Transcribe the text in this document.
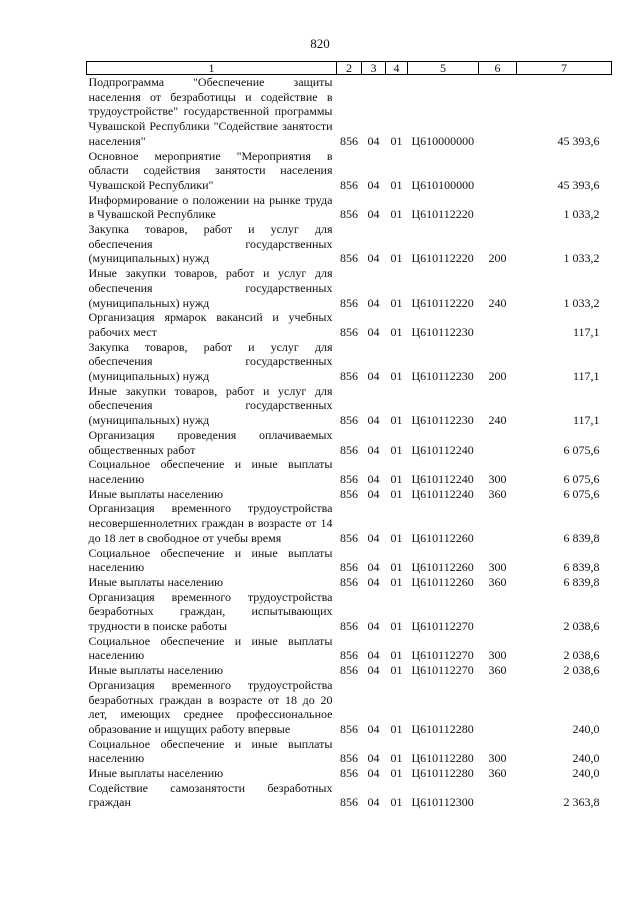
820
1	2	3	4	5	6	7
Подпрограмма "Обеспечение защиты населения от безработицы и содействие в трудоустройстве" государственной программы Чувашской Республики "Содействие занятости населения"	856	04	01	Ц610000000		45 393,6
Основное мероприятие "Мероприятия в области содействия занятости населения Чувашской Республики"	856	04	01	Ц610100000		45 393,6
Информирование о положении на рынке труда в Чувашской Республике	856	04	01	Ц610112220		1 033,2
Закупка товаров, работ и услуг для обеспечения государственных (муниципальных) нужд	856	04	01	Ц610112220	200	1 033,2
Иные закупки товаров, работ и услуг для обеспечения государственных (муниципальных) нужд	856	04	01	Ц610112220	240	1 033,2
Организация ярмарок вакансий и учебных рабочих мест	856	04	01	Ц610112230		117,1
Закупка товаров, работ и услуг для обеспечения государственных (муниципальных) нужд	856	04	01	Ц610112230	200	117,1
Иные закупки товаров, работ и услуг для обеспечения государственных (муниципальных) нужд	856	04	01	Ц610112230	240	117,1
Организация проведения оплачиваемых общественных работ	856	04	01	Ц610112240		6 075,6
Социальное обеспечение и иные выплаты населению	856	04	01	Ц610112240	300	6 075,6
Иные выплаты населению	856	04	01	Ц610112240	360	6 075,6
Организация временного трудоустройства несовершеннолетних граждан в возрасте от 14 до 18 лет в свободное от учебы время	856	04	01	Ц610112260		6 839,8
Социальное обеспечение и иные выплаты населению	856	04	01	Ц610112260	300	6 839,8
Иные выплаты населению	856	04	01	Ц610112260	360	6 839,8
Организация временного трудоустройства безработных граждан, испытывающих трудности в поиске работы	856	04	01	Ц610112270		2 038,6
Социальное обеспечение и иные выплаты населению	856	04	01	Ц610112270	300	2 038,6
Иные выплаты населению	856	04	01	Ц610112270	360	2 038,6
Организация временного трудоустройства безработных граждан в возрасте от 18 до 20 лет, имеющих среднее профессиональное образование и ищущих работу впервые	856	04	01	Ц610112280		240,0
Социальное обеспечение и иные выплаты населению	856	04	01	Ц610112280	300	240,0
Иные выплаты населению	856	04	01	Ц610112280	360	240,0
Содействие самозанятости безработных граждан	856	04	01	Ц610112300		2 363,8
